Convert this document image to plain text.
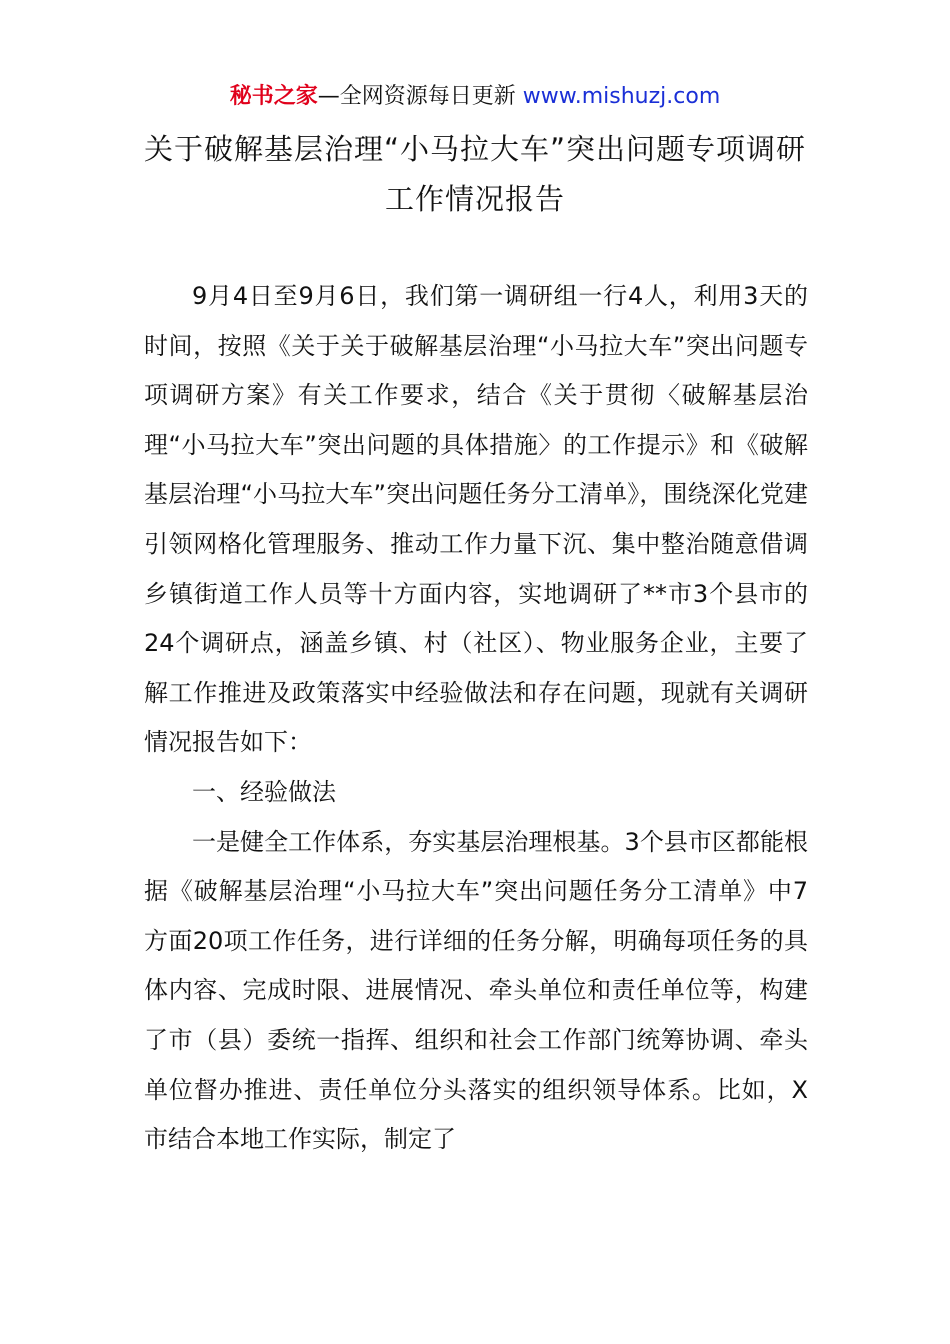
秘书之家—全网资源每日更新 www.mishuzj.com
关于破解基层治理“小马拉大车”突出问题专项调研工作情况报告

9月4日至9月6日，我们第一调研组一行4人，利用3天的时间，按照《关于关于破解基层治理“小马拉大车”突出问题专项调研方案》有关工作要求，结合《关于贯彻〈破解基层治理“小马拉大车”突出问题的具体措施〉的工作提示》和《破解基层治理“小马拉大车”突出问题任务分工清单》，围绕深化党建引领网格化管理服务、推动工作力量下沉、集中整治随意借调乡镇街道工作人员等十方面内容，实地调研了**市3个县市的24个调研点，涵盖乡镇、村（社区）、物业服务企业，主要了解工作推进及政策落实中经验做法和存在问题，现就有关调研情况报告如下：

一、经验做法

一是健全工作体系，夯实基层治理根基。3个县市区都能根据《破解基层治理“小马拉大车”突出问题任务分工清单》中7方面20项工作任务，进行详细的任务分解，明确每项任务的具体内容、完成时限、进展情况、牵头单位和责任单位等，构建了市（县）委统一指挥、组织和社会工作部门统筹协调、牵头单位督办推进、责任单位分头落实的组织领导体系。比如，X市结合本地工作实际，制定了
